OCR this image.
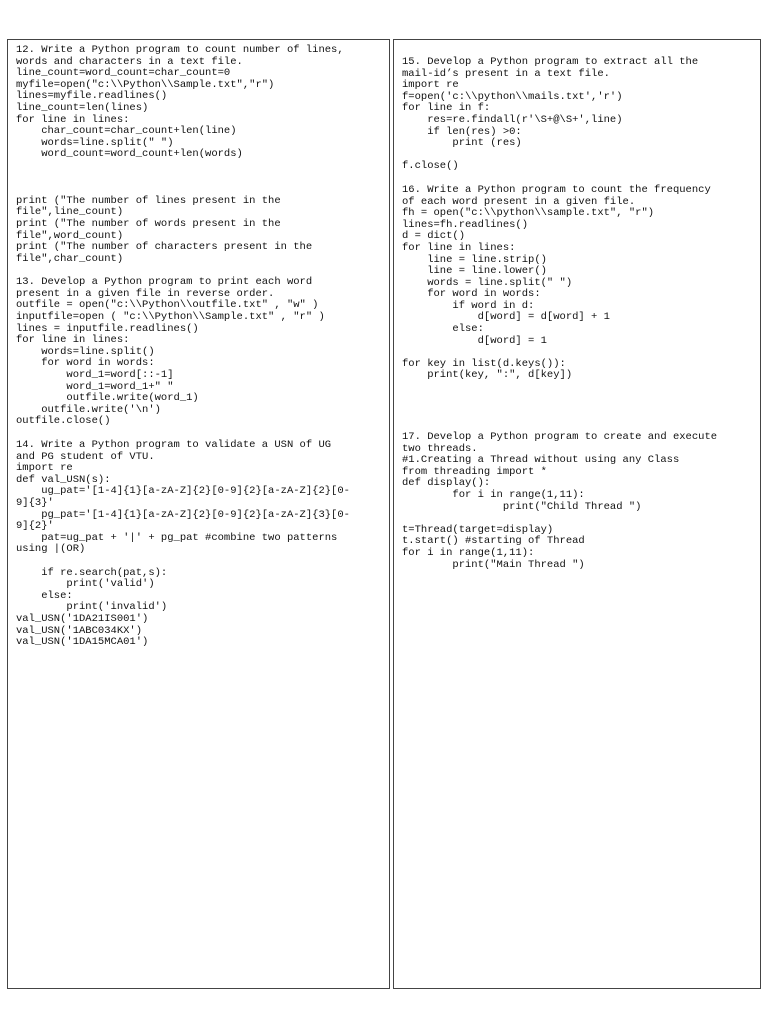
12. Write a Python program to count number of lines,
words and characters in a text file.
line_count=word_count=char_count=0
myfile=open("c:\\Python\\Sample.txt","r")
lines=myfile.readlines()
line_count=len(lines)
for line in lines:
char_count=char_count+len(line)
words=line.split(" ")
word_count=word_count+len(words)
print ("The number of lines present in the
file",line_count)
print ("The number of words present in the
file",word_count)
print ("The number of characters present in the
file",char_count)
13. Develop a Python program to print each word
present in a given file in reverse order.
outfile = open("c:\\Python\\outfile.txt" , "w" )
inputfile=open ( "c:\\Python\\Sample.txt" , "r" )
lines = inputfile.readlines()
for line in lines:
words=line.split()
for word in words:
word_1=word[::-1]
word_1=word_1+" "
outfile.write(word_1)
outfile.write('\n')
outfile.close()
14. Write a Python program to validate a USN of UG
and PG student of VTU.
import re
def val_USN(s):
ug_pat='[1-4]{1}[a-zA-Z]{2}[0-9]{2}[a-zA-Z]{2}[0-
9]{3}'
pg_pat='[1-4]{1}[a-zA-Z]{2}[0-9]{2}[a-zA-Z]{3}[0-
9]{2}'
pat=ug_pat + '|' + pg_pat #combine two patterns
using |(OR)
if re.search(pat,s):
print('valid')
else:
print('invalid')
val_USN('1DA21IS001')
val_USN('1ABC034KX')
val_USN('1DA15MCA01')
15. Develop a Python program to extract all the
mail-id’s present in a text file.
import re
f=open('c:\\python\\mails.txt','r')
for line in f:
res=re.findall(r'\S+@\S+',line)
if len(res) >0:
print (res)
f.close()
16. Write a Python program to count the frequency
of each word present in a given file.
fh = open("c:\\python\\sample.txt", "r")
lines=fh.readlines()
d = dict()
for line in lines:
line = line.strip()
line = line.lower()
words = line.split(" ")
for word in words:
if word in d:
d[word] = d[word] + 1
else:
d[word] = 1
for key in list(d.keys()):
print(key, ":", d[key])
17. Develop a Python program to create and execute
two threads.
#1.Creating a Thread without using any Class
from threading import *
def display():
for i in range(1,11):
print("Child Thread ")
t=Thread(target=display)
t.start() #starting of Thread
for i in range(1,11):
print("Main Thread ")
